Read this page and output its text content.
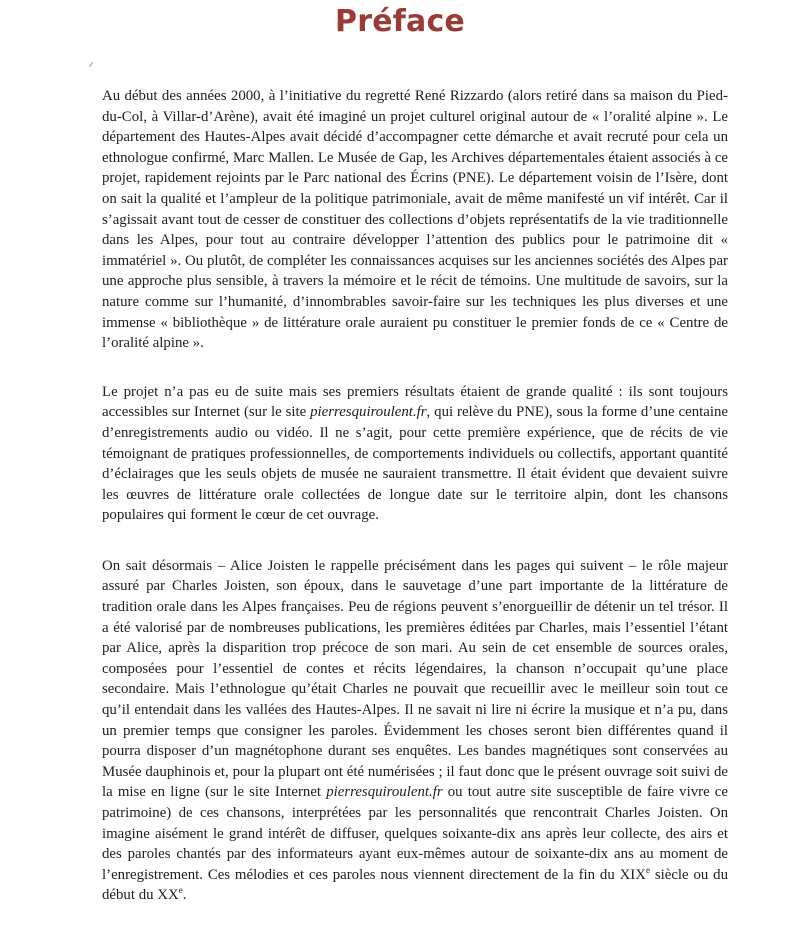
Préface

Au début des années 2000, à l’initiative du regretté René Rizzardo (alors retiré dans sa maison du Pied-du-Col, à Villar-d’Arène), avait été imaginé un projet culturel original autour de « l’oralité alpine ». Le département des Hautes-Alpes avait décidé d’accompagner cette démarche et avait recruté pour cela un ethnologue confirmé, Marc Mallen. Le Musée de Gap, les Archives départementales étaient associés à ce projet, rapidement rejoints par le Parc national des Écrins (PNE). Le département voisin de l’Isère, dont on sait la qualité et l’ampleur de la politique patrimoniale, avait de même manifesté un vif intérêt. Car il s’agissait avant tout de cesser de constituer des collections d’objets représentatifs de la vie traditionnelle dans les Alpes, pour tout au contraire développer l’attention des publics pour le patrimoine dit « immatériel ». Ou plutôt, de compléter les connaissances acquises sur les anciennes sociétés des Alpes par une approche plus sensible, à travers la mémoire et le récit de témoins. Une multitude de savoirs, sur la nature comme sur l’humanité, d’innombrables savoir-faire sur les techniques les plus diverses et une immense « bibliothèque » de littérature orale auraient pu constituer le premier fonds de ce « Centre de l’oralité alpine ».

Le projet n’a pas eu de suite mais ses premiers résultats étaient de grande qualité : ils sont toujours accessibles sur Internet (sur le site pierresquiroulent.fr, qui relève du PNE), sous la forme d’une centaine d’enregistrements audio ou vidéo. Il ne s’agit, pour cette première expérience, que de récits de vie témoignant de pratiques professionnelles, de comportements individuels ou collectifs, apportant quantité d’éclairages que les seuls objets de musée ne sauraient transmettre. Il était évident que devaient suivre les œuvres de littérature orale collectées de longue date sur le territoire alpin, dont les chansons populaires qui forment le cœur de cet ouvrage.

On sait désormais – Alice Joisten le rappelle précisément dans les pages qui suivent – le rôle majeur assuré par Charles Joisten, son époux, dans le sauvetage d’une part importante de la littérature de tradition orale dans les Alpes françaises. Peu de régions peuvent s’enorgueillir de détenir un tel trésor. Il a été valorisé par de nombreuses publications, les premières éditées par Charles, mais l’essentiel l’étant par Alice, après la disparition trop précoce de son mari. Au sein de cet ensemble de sources orales, composées pour l’essentiel de contes et récits légendaires, la chanson n’occupait qu’une place secondaire. Mais l’ethnologue qu’était Charles ne pouvait que recueillir avec le meilleur soin tout ce qu’il entendait dans les vallées des Hautes-Alpes. Il ne savait ni lire ni écrire la musique et n’a pu, dans un premier temps que consigner les paroles. Évidemment les choses seront bien différentes quand il pourra disposer d’un magnétophone durant ses enquêtes. Les bandes magnétiques sont conservées au Musée dauphinois et, pour la plupart ont été numérisées ; il faut donc que le présent ouvrage soit suivi de la mise en ligne (sur le site Internet pierresquiroulent.fr ou tout autre site susceptible de faire vivre ce patrimoine) de ces chansons, interprétées par les personnalités que rencontrait Charles Joisten. On imagine aisément le grand intérêt de diffuser, quelques soixante-dix ans après leur collecte, des airs et des paroles chantés par des informateurs ayant eux-mêmes autour de soixante-dix ans au moment de l’enregistrement. Ces mélodies et ces paroles nous viennent directement de la fin du XIXe siècle ou du début du XXe.
